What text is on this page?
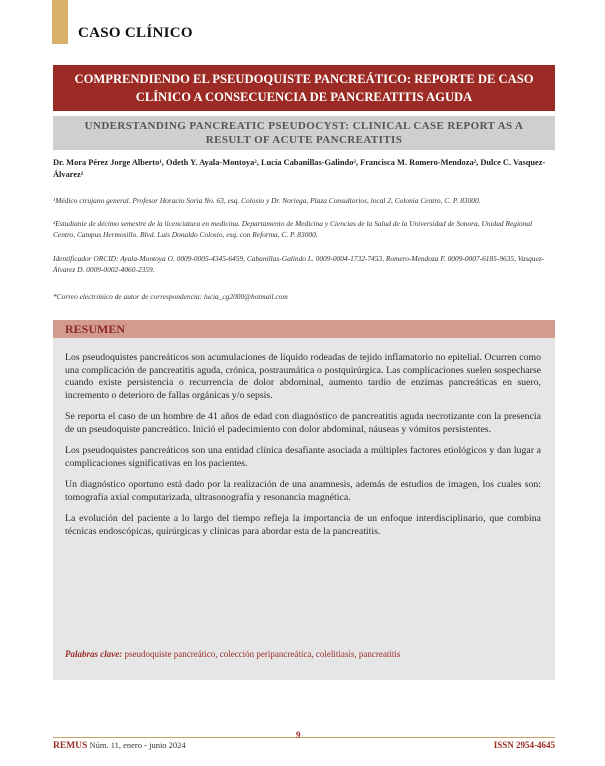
CASO CLÍNICO
COMPRENDIENDO EL PSEUDOQUISTE PANCREÁTICO: REPORTE DE CASO CLÍNICO A CONSECUENCIA DE PANCREATITIS AGUDA
UNDERSTANDING PANCREATIC PSEUDOCYST: CLINICAL CASE REPORT AS A RESULT OF ACUTE PANCREATITIS
Dr. Mora Pérez Jorge Alberto¹, Odeth Y. Ayala-Montoya², Lucía Cabanillas-Galindo², Francisca M. Romero-Mendoza², Dulce C. Vasquez-Álvarez²
¹Médico cirujano general. Profesor Horacio Soria No. 63, esq. Colosio y Dr. Noriega, Plaza Consultorios, local 2, Colonia Centro, C. P. 83000.
²Estudiante de décimo semestre de la licenciatura en medicina. Departamento de Medicina y Ciencias de la Salud de la Universidad de Sonora, Unidad Regional Centro, Campus Hermosillo. Blvd. Luis Donaldo Colosio, esq. con Reforma, C. P. 83000.
Identificador ORCID: Ayala-Montoya O. 0009-0005-4345-6459, Cabanillas-Galindo L. 0009-0004-1732-7453, Romero-Mendoza F. 0009-0007-6185-9635, Vasquez-Álvarez D. 0009-0002-4060-2359.
*Correo electrónico de autor de correspondencia: lucia_cg2000@hotmail.com
RESUMEN

Los pseudoquistes pancreáticos son acumulaciones de líquido rodeadas de tejido inflamatorio no epitelial. Ocurren como una complicación de pancreatitis aguda, crónica, postraumática o postquirúrgica. Las complicaciones suelen sospecharse cuando existe persistencia o recurrencia de dolor abdominal, aumento tardío de enzimas pancreáticas en suero, incremento o deterioro de fallas orgánicas y/o sepsis.

Se reporta el caso de un hombre de 41 años de edad con diagnóstico de pancreatitis aguda necrotizante con la presencia de un pseudoquiste pancreático. Inició el padecimiento con dolor abdominal, náuseas y vómitos persistentes.

Los pseudoquistes pancreáticos son una entidad clínica desafiante asociada a múltiples factores etiológicos y dan lugar a complicaciones significativas en los pacientes.

Un diagnóstico oportuno está dado por la realización de una anamnesis, además de estudios de imagen, los cuales son: tomografía axial computarizada, ultrasonografía y resonancia magnética.

La evolución del paciente a lo largo del tiempo refleja la importancia de un enfoque interdisciplinario, que combina técnicas endoscópicas, quirúrgicas y clínicas para abordar esta de la pancreatitis.

Palabras clave: pseudoquiste pancreático, colección peripancreática, colelitiasis, pancreatitis
9
REMUS Núm. 11, enero - junio 2024	ISSN 2954-4645
